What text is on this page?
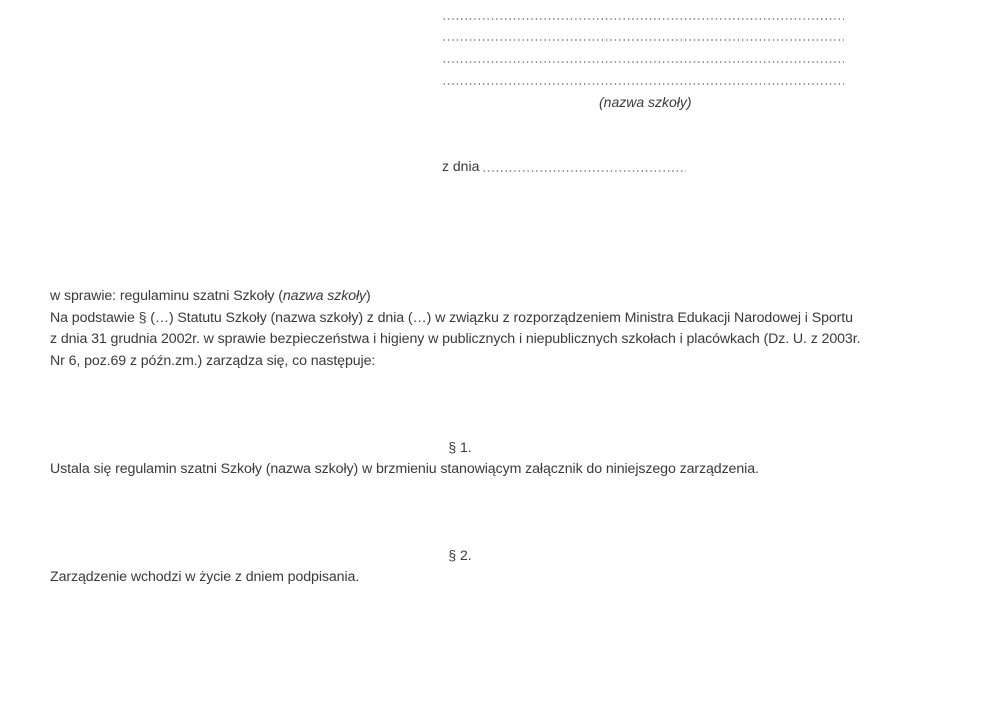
(nazwa szkoły)
z dnia
w sprawie: regulaminu szatni Szkoły (nazwa szkoły)
Na podstawie § (…) Statutu Szkoły (nazwa szkoły) z dnia (…) w związku z rozporządzeniem Ministra Edukacji Narodowej i Sportu
z dnia 31 grudnia 2002r. w sprawie bezpieczeństwa i higieny w publicznych i niepublicznych szkołach i placówkach (Dz. U. z 2003r.
Nr 6, poz.69 z późn.zm.) zarządza się, co następuje:
§ 1.
Ustala się regulamin szatni Szkoły (nazwa szkoły) w brzmieniu stanowiącym załącznik do niniejszego zarządzenia.
§ 2.
Zarządzenie wchodzi w życie z dniem podpisania.
